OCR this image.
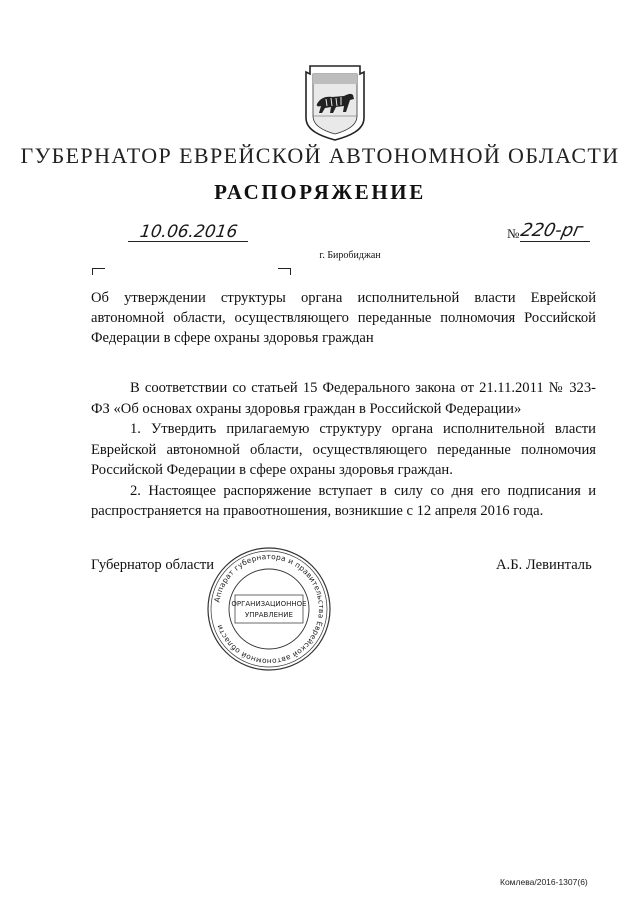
ГУБЕРНАТОР ЕВРЕЙСКОЙ АВТОНОМНОЙ ОБЛАСТИ
РАСПОРЯЖЕНИЕ
10.06.2016	№ 220-рг
г. Биробиджан
Об утверждении структуры органа исполнительной власти Еврейской автономной области, осуществляющего переданные полномочия Российской Федерации в сфере охраны здоровья граждан

В соответствии со статьей 15 Федерального закона от 21.11.2011 № 323-ФЗ «Об основах охраны здоровья граждан в Российской Федерации»

1. Утвердить прилагаемую структуру органа исполнительной власти Еврейской автономной области, осуществляющего переданные полномочия Российской Федерации в сфере охраны здоровья граждан.

2. Настоящее распоряжение вступает в силу со дня его подписания и распространяется на правоотношения, возникшие с 12 апреля 2016 года.

Губернатор области	А.Б. Левинталь
Аппарат губернатора и правительства Еврейской автономной области
ОРГАНИЗАЦИОННОЕ
УПРАВЛЕНИЕ
Комлева/2016-1307(6)
